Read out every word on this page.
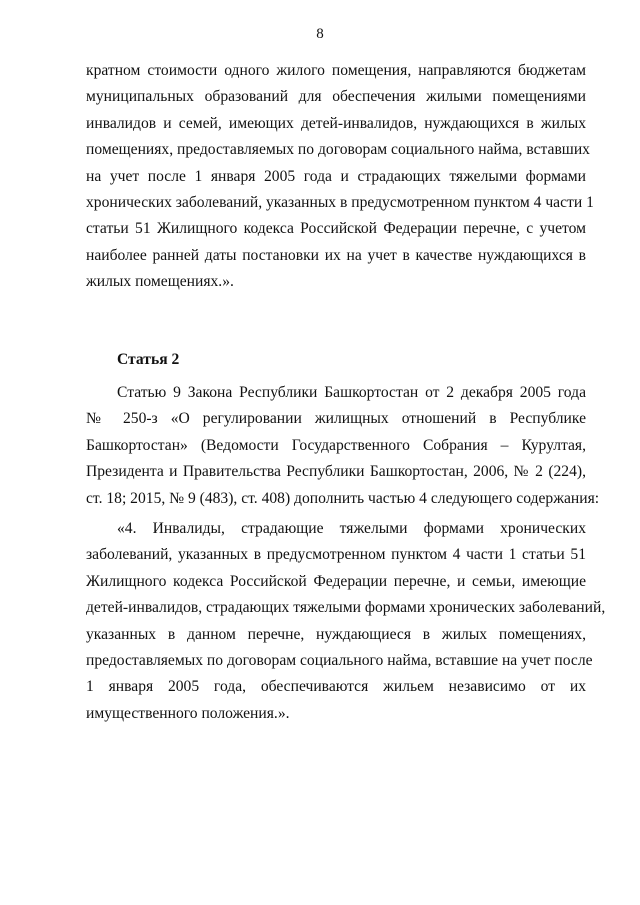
8
кратном стоимости одного жилого помещения, направляются бюджетам
муниципальных образований для обеспечения жилыми помещениями
инвалидов и семей, имеющих детей-инвалидов, нуждающихся в жилых
помещениях, предоставляемых по договорам социального найма, вставших
на учет после 1 января 2005 года и страдающих тяжелыми формами
хронических заболеваний, указанных в предусмотренном пунктом 4 части 1
статьи 51 Жилищного кодекса Российской Федерации перечне, с учетом
наиболее ранней даты постановки их на учет в качестве нуждающихся в
жилых помещениях.».
Статья 2
Статью 9 Закона Республики Башкортостан от 2 декабря 2005 года
№ 250-з «О регулировании жилищных отношений в Республике
Башкортостан» (Ведомости Государственного Собрания – Курултая,
Президента и Правительства Республики Башкортостан, 2006, № 2 (224),
ст. 18; 2015, № 9 (483), ст. 408) дополнить частью 4 следующего содержания:
«4. Инвалиды, страдающие тяжелыми формами хронических
заболеваний, указанных в предусмотренном пунктом 4 части 1 статьи 51
Жилищного кодекса Российской Федерации перечне, и семьи, имеющие
детей-инвалидов, страдающих тяжелыми формами хронических заболеваний,
указанных в данном перечне, нуждающиеся в жилых помещениях,
предоставляемых по договорам социального найма, вставшие на учет после
1 января 2005 года, обеспечиваются жильем независимо от их
имущественного положения.».
